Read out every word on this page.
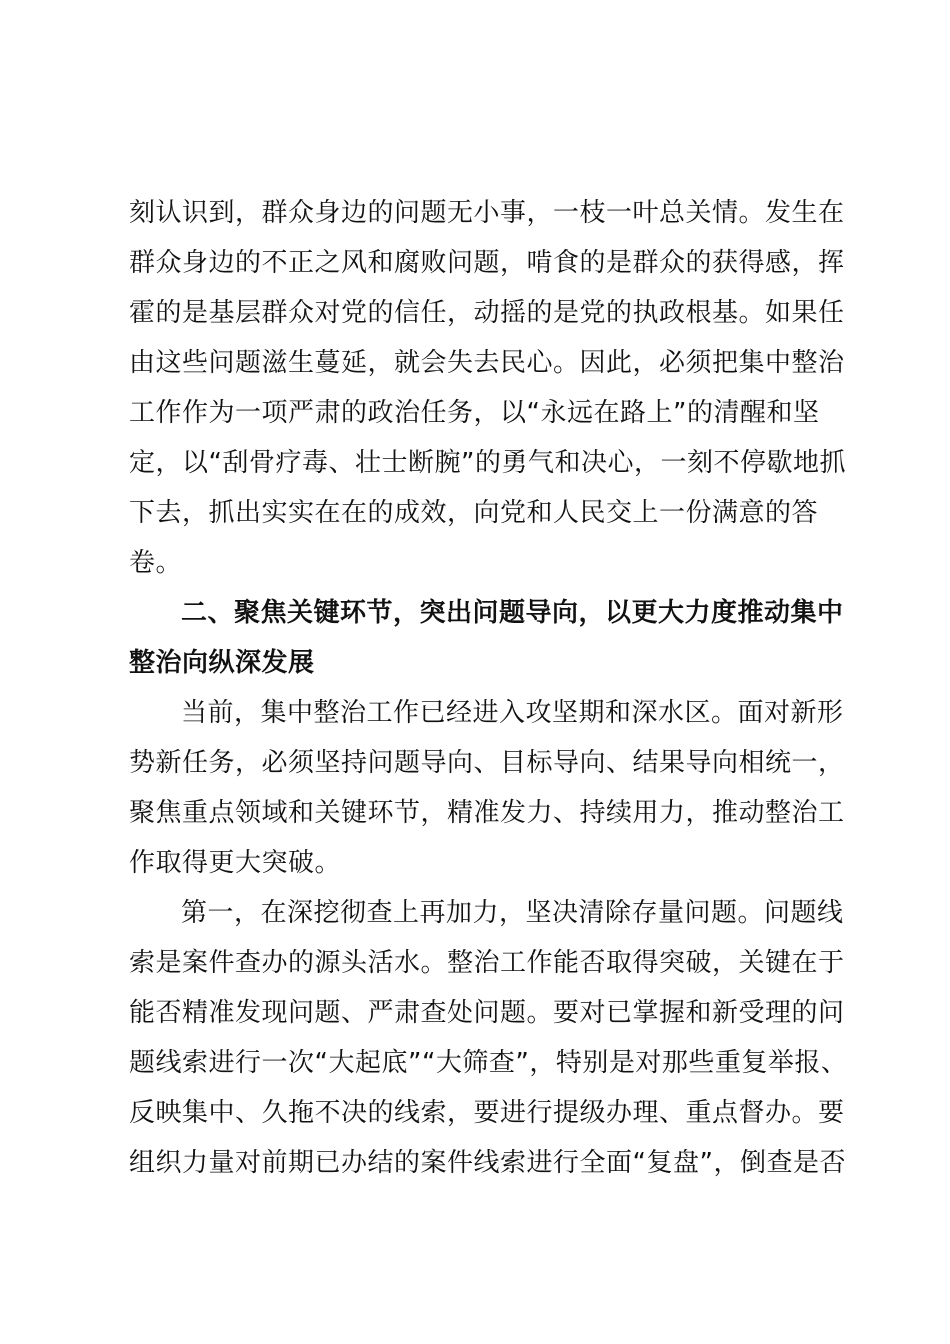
刻认识到，群众身边的问题无小事，一枝一叶总关情。发生在
群众身边的不正之风和腐败问题，啃食的是群众的获得感，挥
霍的是基层群众对党的信任，动摇的是党的执政根基。如果任
由这些问题滋生蔓延，就会失去民心。因此，必须把集中整治
工作作为一项严肃的政治任务，以“永远在路上”的清醒和坚
定，以“刮骨疗毒、壮士断腕”的勇气和决心，一刻不停歇地抓
下去，抓出实实在在的成效，向党和人民交上一份满意的答
卷。
二、聚焦关键环节，突出问题导向，以更大力度推动集中
整治向纵深发展
当前，集中整治工作已经进入攻坚期和深水区。面对新形
势新任务，必须坚持问题导向、目标导向、结果导向相统一，
聚焦重点领域和关键环节，精准发力、持续用力，推动整治工
作取得更大突破。
第一，在深挖彻查上再加力，坚决清除存量问题。问题线
索是案件查办的源头活水。整治工作能否取得突破，关键在于
能否精准发现问题、严肃查处问题。要对已掌握和新受理的问
题线索进行一次“大起底”“大筛查”，特别是对那些重复举报、
反映集中、久拖不决的线索，要进行提级办理、重点督办。要
组织力量对前期已办结的案件线索进行全面“复盘”，倒查是否
